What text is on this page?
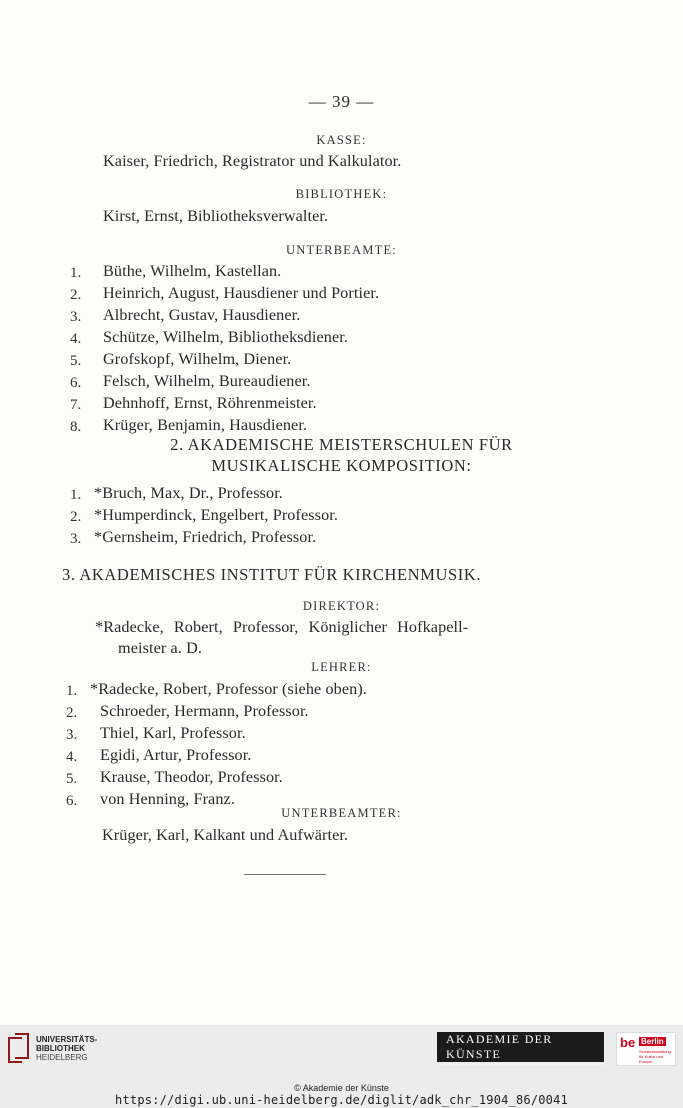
— 39 —
KASSE:
Kaiser, Friedrich, Registrator und Kalkulator.
BIBLIOTHEK:
Kirst, Ernst, Bibliotheksverwalter.
UNTERBEAMTE:
1.	Büthe, Wilhelm, Kastellan.
2.	Heinrich, August, Hausdiener und Portier.
3.	Albrecht, Gustav, Hausdiener.
4.	Schütze, Wilhelm, Bibliotheksdiener.
5.	Grofskopf, Wilhelm, Diener.
6.	Felsch, Wilhelm, Bureaudiener.
7.	Dehnhoff, Ernst, Röhrenmeister.
8.	Krüger, Benjamin, Hausdiener.
2. AKADEMISCHE MEISTERSCHULEN FÜR
MUSIKALISCHE KOMPOSITION:
1. *Bruch, Max, Dr., Professor.
2. *Humperdinck, Engelbert, Professor.
3. *Gernsheim, Friedrich, Professor.
3. AKADEMISCHES INSTITUT FÜR KIRCHENMUSIK.
DIREKTOR:
*Radecke, Robert, Professor, Königlicher Hofkapell-
meister a. D.
LEHRER:
1. *Radecke, Robert, Professor (siehe oben).
2.	Schroeder, Hermann, Professor.
3.	Thiel, Karl, Professor.
4.	Egidi, Artur, Professor.
5.	Krause, Theodor, Professor.
6.	von Henning, Franz.
UNTERBEAMTER:
Krüger, Karl, Kalkant und Aufwärter.
UNIVERSITÄTS-
BIBLIOTHEK
HEIDELBERG
AKADEMIE DER KÜNSTE
be Berlin
Senatsverwaltung für Kultur und Europa
© Akademie der Künste
https://digi.ub.uni-heidelberg.de/diglit/adk_chr_1904_86/0041
